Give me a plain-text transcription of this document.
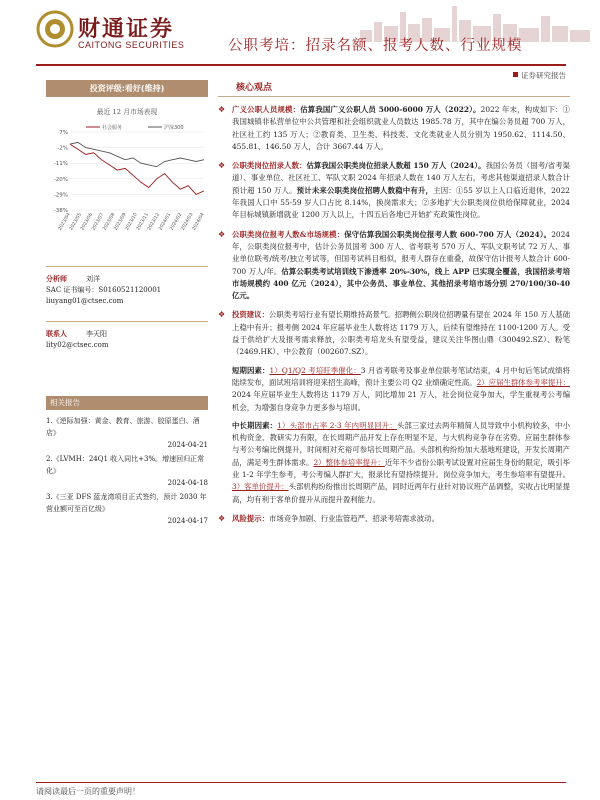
财通证券
CAITONG SECURITIES	公职考培：招录名额、报考人数、行业规模
证券研究报告
投资评级:看好(维持)
最近 12 月市场表现
7%
-2%
-11%
-20%
-29%
-38%
2023/04
2023/05
2023/06
2023/07
2023/08
2023/09
2023/10
2023/11
2023/12
2024/01
2024/02
2024/03
2024/04
社会服务	沪深300
分析师	刘洋
SAC 证书编号：S0160521120001
liuyang01@ctsec.com
联系人	李天阳
lity02@ctsec.com
相关报告
1.《逆际加强：黄金、教育、旅游、胶原蛋白、酒店》
2024-04-21
2.《LVMH：24Q1 收入同比+3%。增速回归正常化》
2024-04-18
3.《三亚 DFS 蓝龙湾项目正式签约，预计 2030 年营业额可至百亿级》
2024-04-17
核心观点
❖ 广义公职人员规模：估算我国广义公职人员 5000-6000 万人（2022）。2022 年末，构成如下：①我国城镇非私营单位中公共管理和社会组织就业人员数达 1985.78 万，其中在编公务员超 700 万人，社区社工约 135 万人；②教育类、卫生类、科技类、文化类就业人员分别为 1950.62、1114.50、455.81、146.50 万人，合计 3667.44 万人。
❖ 公职类岗位招录人数：估算我国公职类岗位招录人数超 150 万人（2024）。我国公务员（国考/省考渠道）、事业单位、社区社工、军队文职 2024 年招录人数在 140 万人左右，考虑其他渠道招录人数合计预计超 150 万人。预计未来公职类岗位招聘人数稳中有升，主因：①55 岁以上人口临近退休，2022 年我国人口中 55-59 岁人口占比 8.14%，换岗需求大；②多地扩大公职类岗位供给保障就业，2024 年目标城镇新增就业 1200 万人以上，十四五后各地已开始扩充政策性岗位。
❖ 公职类岗位报考人数&市场规模：保守估算我国公职类岗位报考人数 600-700 万人（2024）。2024 年，公职类岗位报考中，估计公务员国考 300 万人、省考联考 570 万人、军队文职考试 72 万人、事业单位联考/统考/独立考试等，但国考试科目相似，报考人群存在重叠，故保守估计报考人数合计 600-700 万人/年。估算公职类考试培训线下渗透率 20%-30%，线上 APP 已实现全覆盖，我国招录考培市场规模约 400 亿元（2024），其中公务员、事业单位、其他招录考培市场分别 270/100/30-40 亿元。
❖ 投资建议：公职类考培行业有望长期维持高景气。招聘侧公职岗位招聘量有望在 2024 年 150 万人基础上稳中有升；报考侧 2024 年应届毕业生人数将达 1179 万人，后续有望维持在 1100-1200 万人。受益于供给扩大及报考需求释放，公职类考培龙头有望受益，建议关注华图山鼎（300492.SZ）、粉笔（2469.HK）、中公教育（002607.SZ）。
短期因素：1）Q1/Q2 考培旺季催化：3 月省考联考及事业单位联考笔试结束，4 月中旬后笔试成绩将陆续发布，面试班培训将迎来招生高峰，预计主要公司 Q2 业绩确定性高。2）应届生群体参考率提升：2024 年应届毕业生人数将达 1179 万人，同比增加 21 万人，社会岗位竞争加大，学生重视考公考编机会，为增强自身竞争力更多参与培训。
中长期因素：1）头部市占率 2-3 年内明显回升：头部三家过去两年精简人员导致中小机构较多，中小机构资金、教研实力有限，在长周期产品开发上存在明显不足，与大机构竞争存在劣势。应届生群体参与考公考编比例提升，时间相对充裕可参培长周期产品。头部机构纷纷加大基地班建设，开发长周期产品，满足考生群体需求。2）整体参培率提升：近年不少省份公职考试设置对应届生身份的限定，吸引毕业 1-2 年学生参考，考公考编人群扩大，报录比有望持续提升。岗位竞争加大，考生参培率有望提升。3）客单价提升：头部机构纷纷推出长周期产品，同时近两年行业针对协议班产品调整，实收占比明显提高，均有利于客单价提升从而提升盈利能力。
❖ 风险提示：市场竞争加剧、行业监管趋严、招录考培需求波动。
请阅读最后一页的重要声明！
